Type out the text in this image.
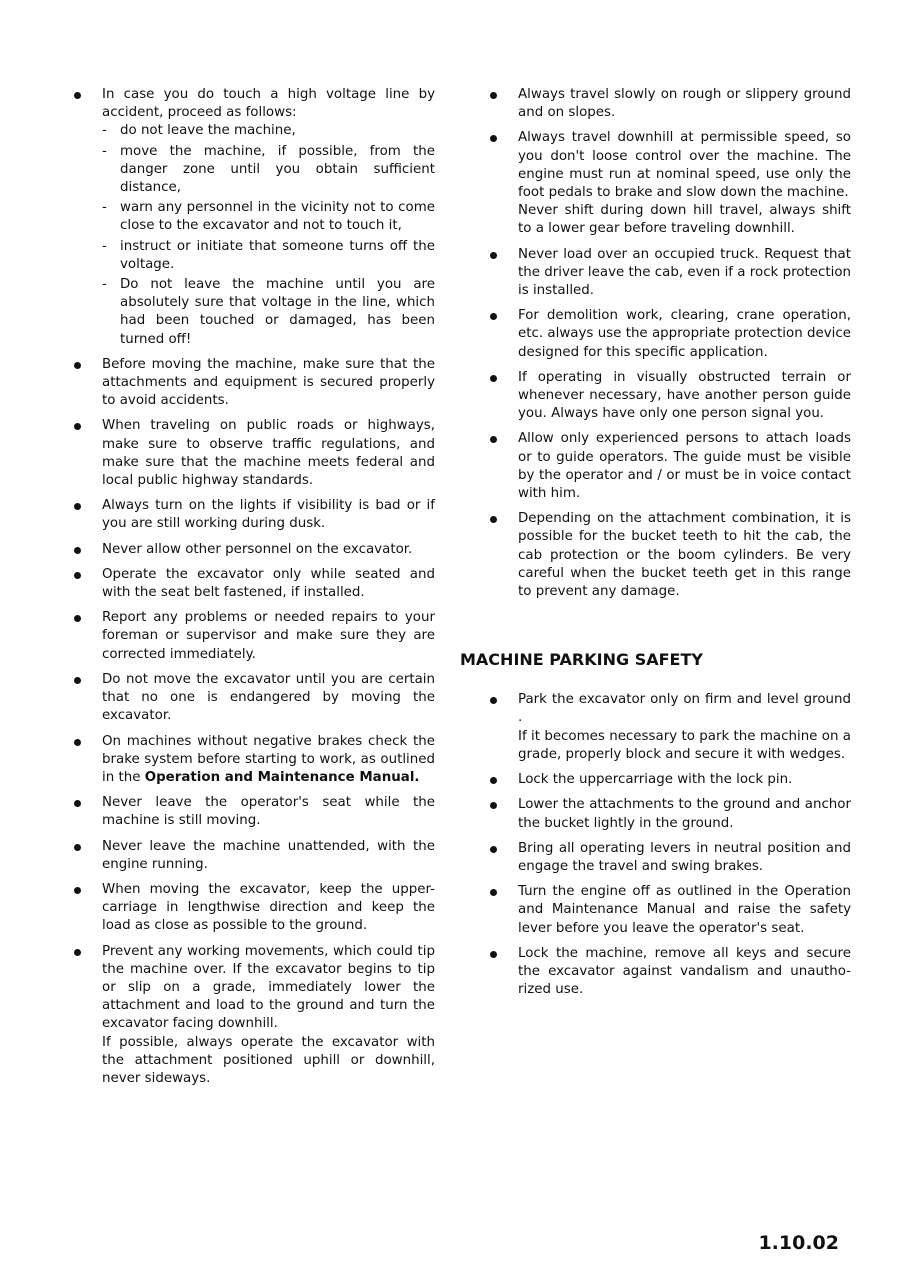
In case you do touch a high voltage line by accident, proceed as follows:

- do not leave the machine,
- move the machine, if possible, from the danger zone until you obtain sufficient distance,
- warn any personnel in the vicinity not to come close to the excavator and not to touch it,
- instruct or initiate that someone turns off the voltage.
- Do not leave the machine until you are absolutely sure that voltage in the line, which had been touched or damaged, has been turned off!
Before moving the machine, make sure that the attachments and equipment is secured properly to avoid accidents.
When traveling on public roads or highways, make sure to observe traffic regulations, and make sure that the machine meets federal and local public highway standards.
Always turn on the lights if visibility is bad or if you are still working during dusk.
Never allow other personnel on the excavator.
Operate the excavator only while seated and with the seat belt fastened, if installed.
Report any problems or needed repairs to your foreman or supervisor and make sure they are corrected immediately.
Do not move the excavator until you are certain that no one is endangered by moving the excavator.
On machines without negative brakes check the brake system before starting to work, as outlined in the Operation and Maintenance Manual.
Never leave the operator's seat while the machine is still moving.
Never leave the machine unattended, with the engine running.
When moving the excavator, keep the upper-carriage in lengthwise direction and keep the load as close as possible to the ground.

Prevent any working movements, which could tip the machine over. If the excavator begins to tip or slip on a grade, immediately lower the attachment and load to the ground and turn the excavator facing downhill.

If possible, always operate the excavator with the attachment positioned uphill or downhill, never sideways.

Always travel slowly on rough or slippery ground and on slopes.

Always travel downhill at permissible speed, so you don't loose control over the machine. The engine must run at nominal speed, use only the foot pedals to brake and slow down the machine.

Never shift during down hill travel, always shift to a lower gear before traveling downhill.

Never load over an occupied truck. Request that the driver leave the cab, even if a rock protection is installed.
For demolition work, clearing, crane operation, etc. always use the appropriate protection device designed for this specific application.
If operating in visually obstructed terrain or whenever necessary, have another person guide you. Always have only one person signal you.
Allow only experienced persons to attach loads or to guide operators. The guide must be visible by the operator and / or must be in voice contact with him.
Depending on the attachment combination, it is possible for the bucket teeth to hit the cab, the cab protection or the boom cylinders. Be very careful when the bucket teeth get in this range to prevent any damage.
MACHINE PARKING SAFETY

Park the excavator only on firm and level ground .

If it becomes necessary to park the machine on a grade, properly block and secure it with wedges.

Lock the uppercarriage with the lock pin.
Lower the attachments to the ground and anchor the bucket lightly in the ground.
Bring all operating levers in neutral position and engage the travel and swing brakes.
Turn the engine off as outlined in the Operation and Maintenance Manual and raise the safety lever before you leave the operator's seat.
Lock the machine, remove all keys and secure the excavator against vandalism and unautho-rized use.
1.10.02
